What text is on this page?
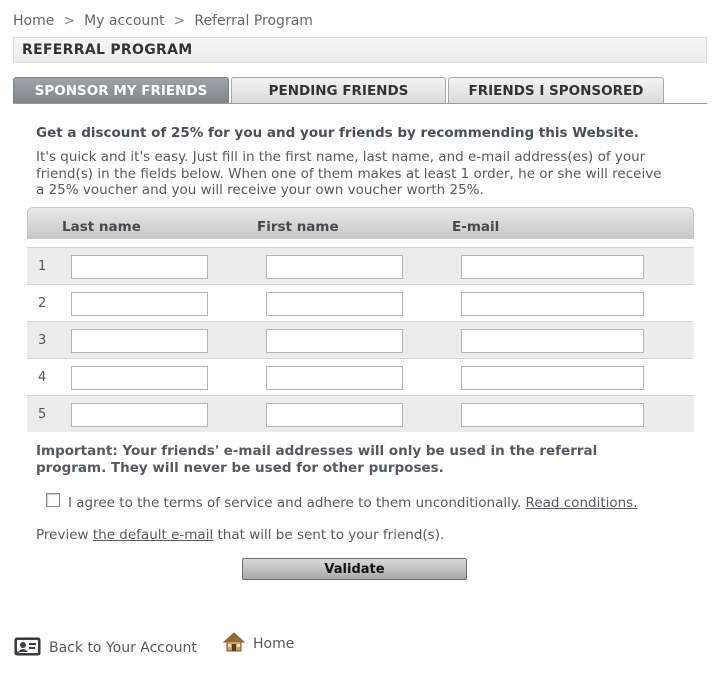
Home > My account > Referral Program
REFERRAL PROGRAM
SPONSOR MY FRIENDS	PENDING FRIENDS	FRIENDS I SPONSORED
Get a discount of 25% for you and your friends by recommending this Website.
It's quick and it's easy. Just fill in the first name, last name, and e-mail address(es) of your
friend(s) in the fields below. When one of them makes at least 1 order, he or she will receive
a 25% voucher and you will receive your own voucher worth 25%.
Last name	First name	E-mail
1
2
3
4
5
Important: Your friends' e-mail addresses will only be used in the referral
program. They will never be used for other purposes.
I agree to the terms of service and adhere to them unconditionally. Read conditions.
Preview the default e-mail that will be sent to your friend(s).
Validate
Back to Your Account	Home
